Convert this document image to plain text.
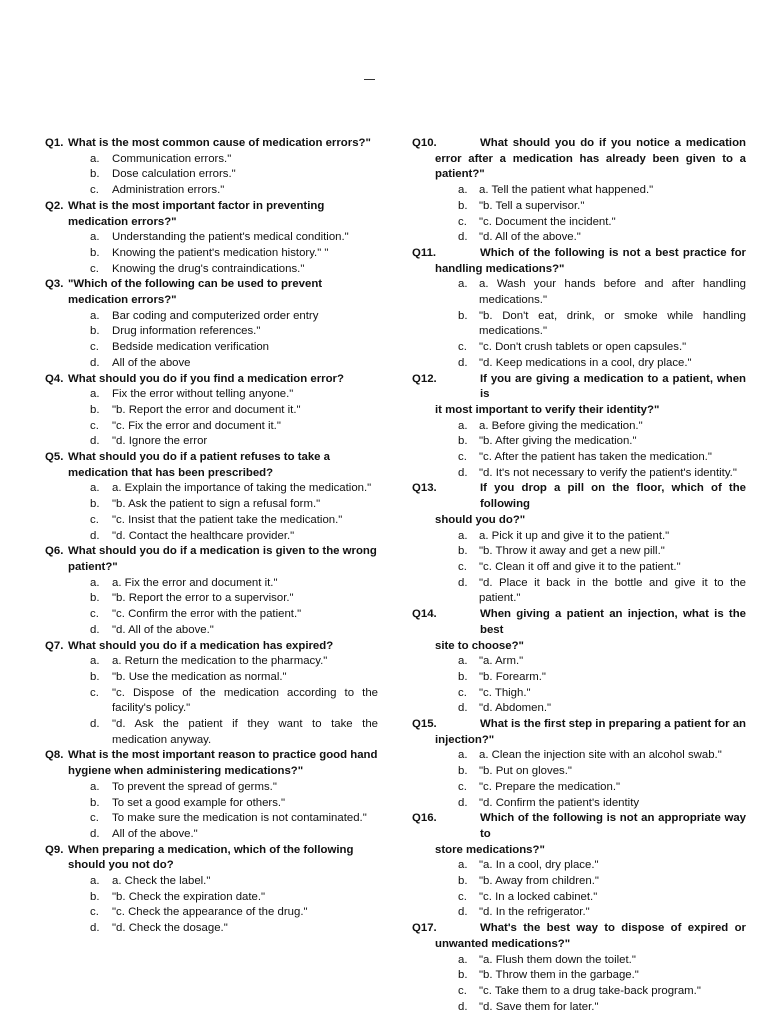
Q1. What is the most common cause of medication errors?"
a. Communication errors."
b. Dose calculation errors."
c. Administration errors."
Q2. What is the most important factor in preventing medication errors?"
a. Understanding the patient's medical condition."
b. Knowing the patient's medication history." "
c. Knowing the drug's contraindications."
Q3. "Which of the following can be used to prevent medication errors?"
a. Bar coding and computerized order entry
b. Drug information references."
c. Bedside medication verification
d. All of the above
Q4. What should you do if you find a medication error?
a. Fix the error without telling anyone."
b. "b. Report the error and document it."
c. "c. Fix the error and document it."
d. "d. Ignore the error
Q5. What should you do if a patient refuses to take a medication that has been prescribed?
a. a. Explain the importance of taking the medication."
b. "b. Ask the patient to sign a refusal form."
c. "c. Insist that the patient take the medication."
d. "d. Contact the healthcare provider."
Q6. What should you do if a medication is given to the wrong patient?"
a. a. Fix the error and document it."
b. "b. Report the error to a supervisor."
c. "c. Confirm the error with the patient."
d. "d. All of the above."
Q7. What should you do if a medication has expired?
a. a. Return the medication to the pharmacy."
b. "b. Use the medication as normal."
c. "c. Dispose of the medication according to the facility's policy."
d. "d. Ask the patient if they want to take the medication anyway.
Q8. What is the most important reason to practice good hand hygiene when administering medications?"
a. To prevent the spread of germs."
b. To set a good example for others."
c. To make sure the medication is not contaminated."
d. All of the above."
Q9. When preparing a medication, which of the following should you not do?
a. a. Check the label."
b. "b. Check the expiration date."
c. "c. Check the appearance of the drug."
d. "d. Check the dosage."
Q10.	What should you do if you notice a medication
error after a medication has already been given to a patient?"
a. a. Tell the patient what happened."
b. "b. Tell a supervisor."
c. "c. Document the incident."
d. "d. All of the above."
Q11.	Which of the following is not a best practice for
handling medications?"
a. a. Wash your hands before and after handling medications."
b. "b. Don't eat, drink, or smoke while handling medications."
c. "c. Don't crush tablets or open capsules."
d. "d. Keep medications in a cool, dry place."
Q12.	If you are giving a medication to a patient, when is
it most important to verify their identity?"
a. a. Before giving the medication."
b. "b. After giving the medication."
c. "c. After the patient has taken the medication."
d. "d. It's not necessary to verify the patient's identity."
Q13.	If you drop a pill on the floor, which of the following
should you do?"
a. a. Pick it up and give it to the patient."
b. "b. Throw it away and get a new pill."
c. "c. Clean it off and give it to the patient."
d. "d. Place it back in the bottle and give it to the patient."
Q14.	When giving a patient an injection, what is the best
site to choose?"
a. "a. Arm."
b. "b. Forearm."
c. "c. Thigh."
d. "d. Abdomen."
Q15.	What is the first step in preparing a patient for an
injection?"
a. a. Clean the injection site with an alcohol swab."
b. "b. Put on gloves."
c. "c. Prepare the medication."
d. "d. Confirm the patient's identity
Q16.	Which of the following is not an appropriate way to
store medications?"
a. "a. In a cool, dry place."
b. "b. Away from children."
c. "c. In a locked cabinet."
d. "d. In the refrigerator."
Q17.	What's the best way to dispose of expired or
unwanted medications?"
a. "a. Flush them down the toilet."
b. "b. Throw them in the garbage."
c. "c. Take them to a drug take-back program."
d. "d. Save them for later."
